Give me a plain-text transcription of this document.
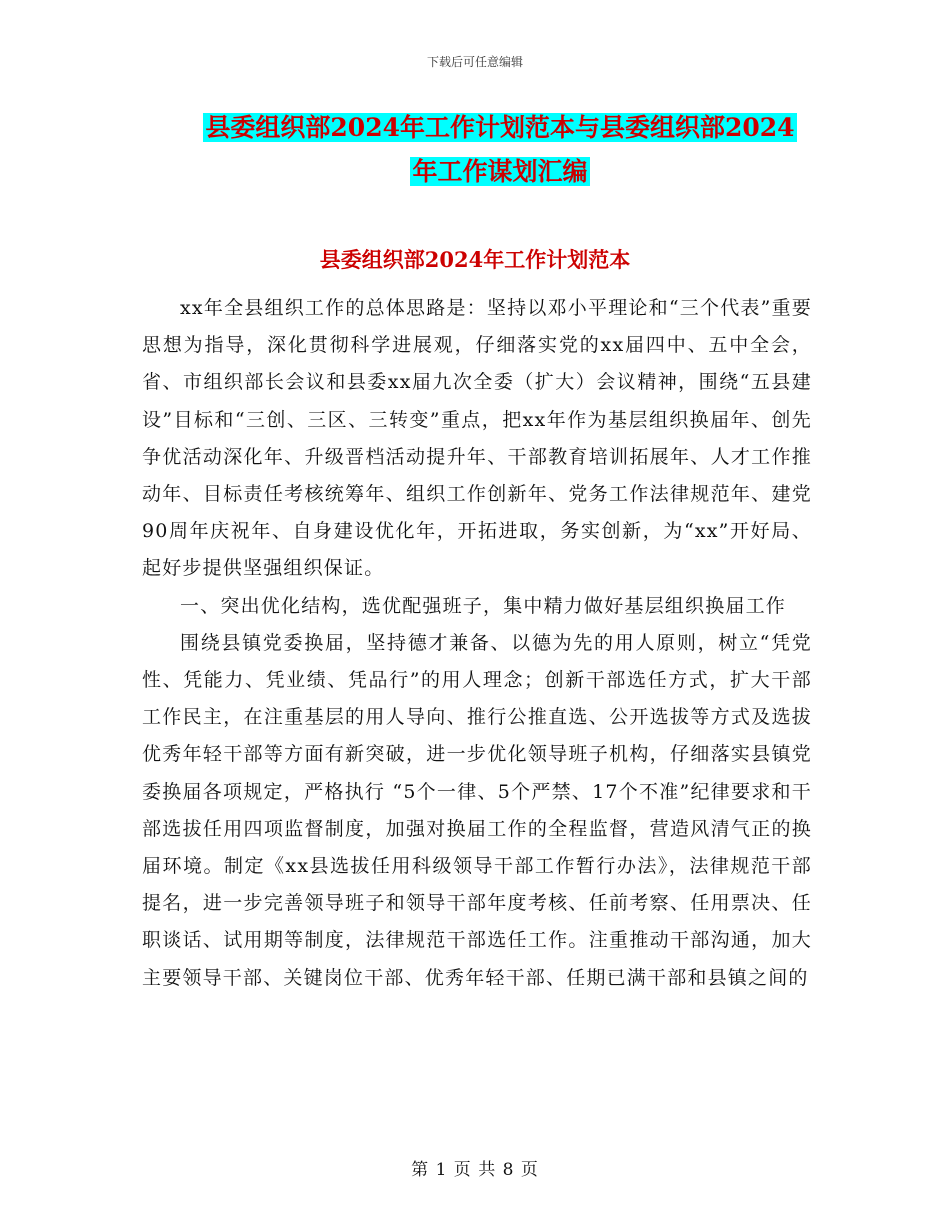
下载后可任意编辑
县委组织部2024年工作计划范本与县委组织部2024
年工作谋划汇编
县委组织部2024年工作计划范本

xx年全县组织工作的总体思路是：坚持以邓小平理论和“三个代表”重要思想为指导，深化贯彻科学进展观，仔细落实党的xx届四中、五中全会，省、市组织部长会议和县委xx届九次全委（扩大）会议精神，围绕“五县建设”目标和“三创、三区、三转变”重点，把xx年作为基层组织换届年、创先争优活动深化年、升级晋档活动提升年、干部教育培训拓展年、人才工作推动年、目标责任考核统筹年、组织工作创新年、党务工作法律规范年、建党90周年庆祝年、自身建设优化年，开拓进取，务实创新，为“xx”开好局、起好步提供坚强组织保证。

一、突出优化结构，选优配强班子，集中精力做好基层组织换届工作

围绕县镇党委换届，坚持德才兼备、以德为先的用人原则，树立“凭党性、凭能力、凭业绩、凭品行”的用人理念；创新干部选任方式，扩大干部工作民主，在注重基层的用人导向、推行公推直选、公开选拔等方式及选拔优秀年轻干部等方面有新突破，进一步优化领导班子机构，仔细落实县镇党委换届各项规定，严格执行 “5个一律、5个严禁、17个不准”纪律要求和干部选拔任用四项监督制度，加强对换届工作的全程监督，营造风清气正的换届环境。制定《xx县选拔任用科级领导干部工作暂行办法》，法律规范干部提名，进一步完善领导班子和领导干部年度考核、任前考察、任用票决、任职谈话、试用期等制度，法律规范干部选任工作。注重推动干部沟通，加大主要领导干部、关键岗位干部、优秀年轻干部、任期已满干部和县镇之间的

第 1 页 共 8 页
